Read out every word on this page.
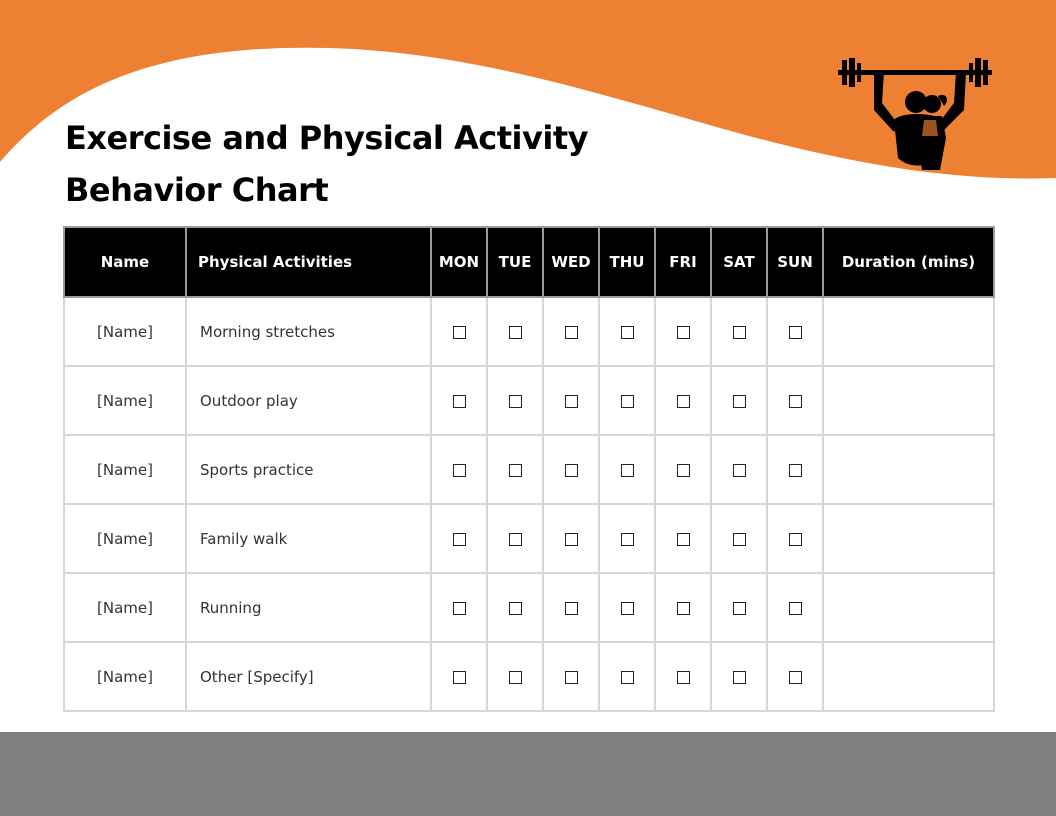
Exercise and Physical Activity
Behavior Chart
Name	Physical Activities	MON	TUE	WED	THU	FRI	SAT	SUN	Duration (mins)
[Name]	Morning stretches								
[Name]	Outdoor play								
[Name]	Sports practice								
[Name]	Family walk								
[Name]	Running								
[Name]	Other [Specify]								
